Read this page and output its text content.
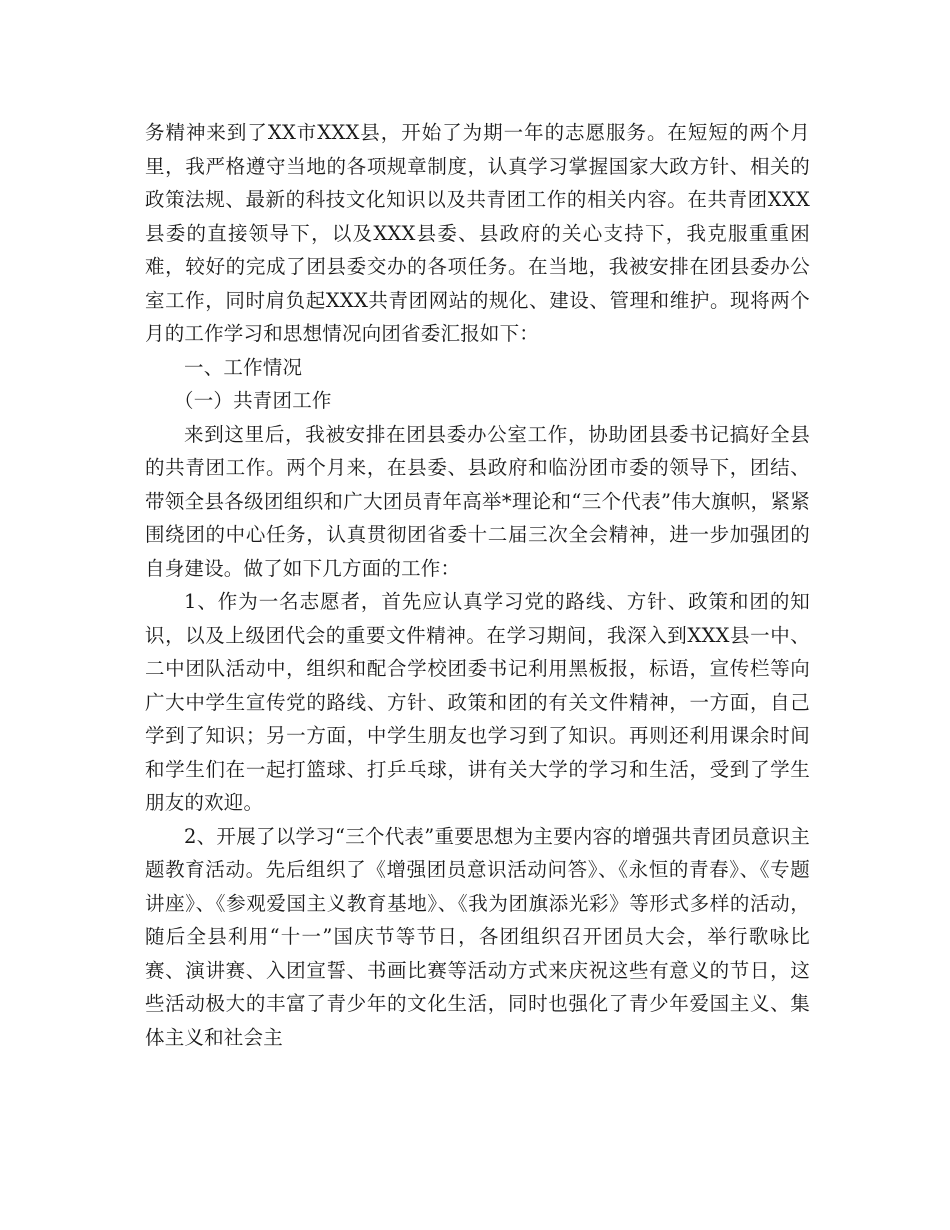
务精神来到了XX市XXX县，开始了为期一年的志愿服务。在短短的两个月里，我严格遵守当地的各项规章制度，认真学习掌握国家大政方针、相关的政策法规、最新的科技文化知识以及共青团工作的相关内容。在共青团XXX县委的直接领导下，以及XXX县委、县政府的关心支持下，我克服重重困难，较好的完成了团县委交办的各项任务。在当地，我被安排在团县委办公室工作，同时肩负起XXX共青团网站的规化、建设、管理和维护。现将两个月的工作学习和思想情况向团省委汇报如下：

一、工作情况

（一）共青团工作

来到这里后，我被安排在团县委办公室工作，协助团县委书记搞好全县的共青团工作。两个月来，在县委、县政府和临汾团市委的领导下，团结、带领全县各级团组织和广大团员青年高举*理论和“三个代表”伟大旗帜，紧紧围绕团的中心任务，认真贯彻团省委十二届三次全会精神，进一步加强团的自身建设。做了如下几方面的工作：

1、作为一名志愿者，首先应认真学习党的路线、方针、政策和团的知识，以及上级团代会的重要文件精神。在学习期间，我深入到XXX县一中、二中团队活动中，组织和配合学校团委书记利用黑板报，标语，宣传栏等向广大中学生宣传党的路线、方针、政策和团的有关文件精神，一方面，自己学到了知识；另一方面，中学生朋友也学习到了知识。再则还利用课余时间和学生们在一起打篮球、打乒乓球，讲有关大学的学习和生活，受到了学生朋友的欢迎。

2、开展了以学习“三个代表”重要思想为主要内容的增强共青团员意识主题教育活动。先后组织了《增强团员意识活动问答》、《永恒的青春》、《专题讲座》、《参观爱国主义教育基地》、《我为团旗添光彩》等形式多样的活动，随后全县利用“十一”国庆节等节日，各团组织召开团员大会，举行歌咏比赛、演讲赛、入团宣誓、书画比赛等活动方式来庆祝这些有意义的节日，这些活动极大的丰富了青少年的文化生活，同时也强化了青少年爱国主义、集体主义和社会主
